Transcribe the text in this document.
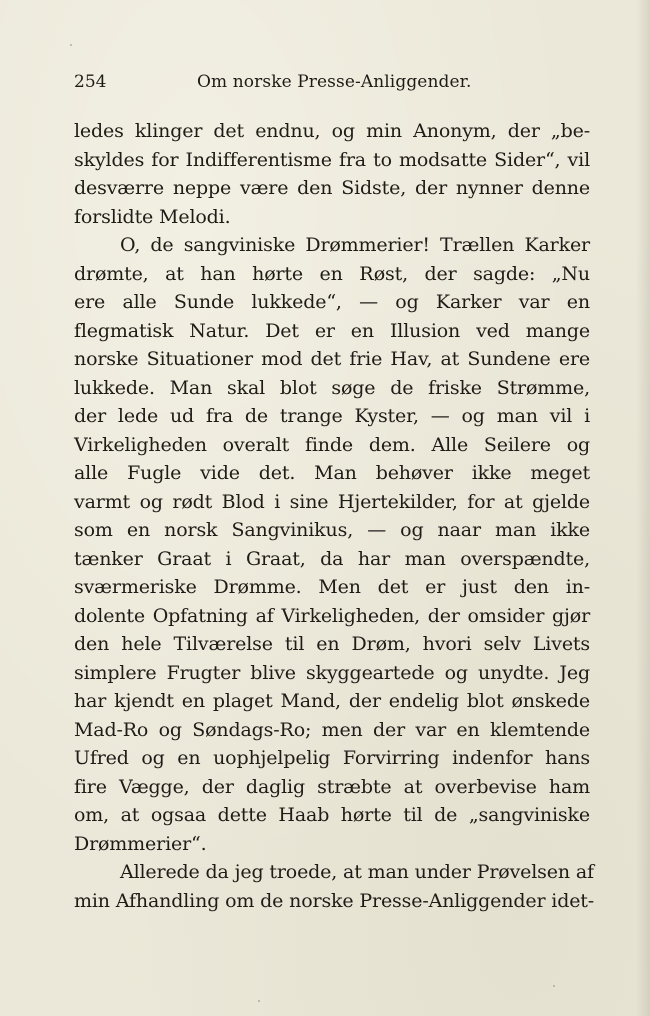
254	Om norske Presse-Anliggender.
ledes klinger det endnu, og min Anonym, der „be-
skyldes for Indifferentisme fra to modsatte Sider“, vil
desværre neppe være den Sidste, der nynner denne
forslidte Melodi.
O, de sangviniske Drømmerier! Trællen Karker
drømte, at han hørte en Røst, der sagde: „Nu
ere alle Sunde lukkede“, — og Karker var en
flegmatisk Natur. Det er en Illusion ved mange
norske Situationer mod det frie Hav, at Sundene ere
lukkede. Man skal blot søge de friske Strømme,
der lede ud fra de trange Kyster, — og man vil i
Virkeligheden overalt finde dem. Alle Seilere og
alle Fugle vide det. Man behøver ikke meget
varmt og rødt Blod i sine Hjertekilder, for at gjelde
som en norsk Sangvinikus, — og naar man ikke
tænker Graat i Graat, da har man overspændte,
sværmeriske Drømme. Men det er just den in-
dolente Opfatning af Virkeligheden, der omsider gjør
den hele Tilværelse til en Drøm, hvori selv Livets
simplere Frugter blive skyggeartede og unydte. Jeg
har kjendt en plaget Mand, der endelig blot ønskede
Mad-Ro og Søndags-Ro; men der var en klemtende
Ufred og en uophjelpelig Forvirring indenfor hans
fire Vægge, der daglig stræbte at overbevise ham
om, at ogsaa dette Haab hørte til de „sangviniske
Drømmerier“.
Allerede da jeg troede, at man under Prøvelsen af
min Afhandling om de norske Presse-Anliggender idet-
